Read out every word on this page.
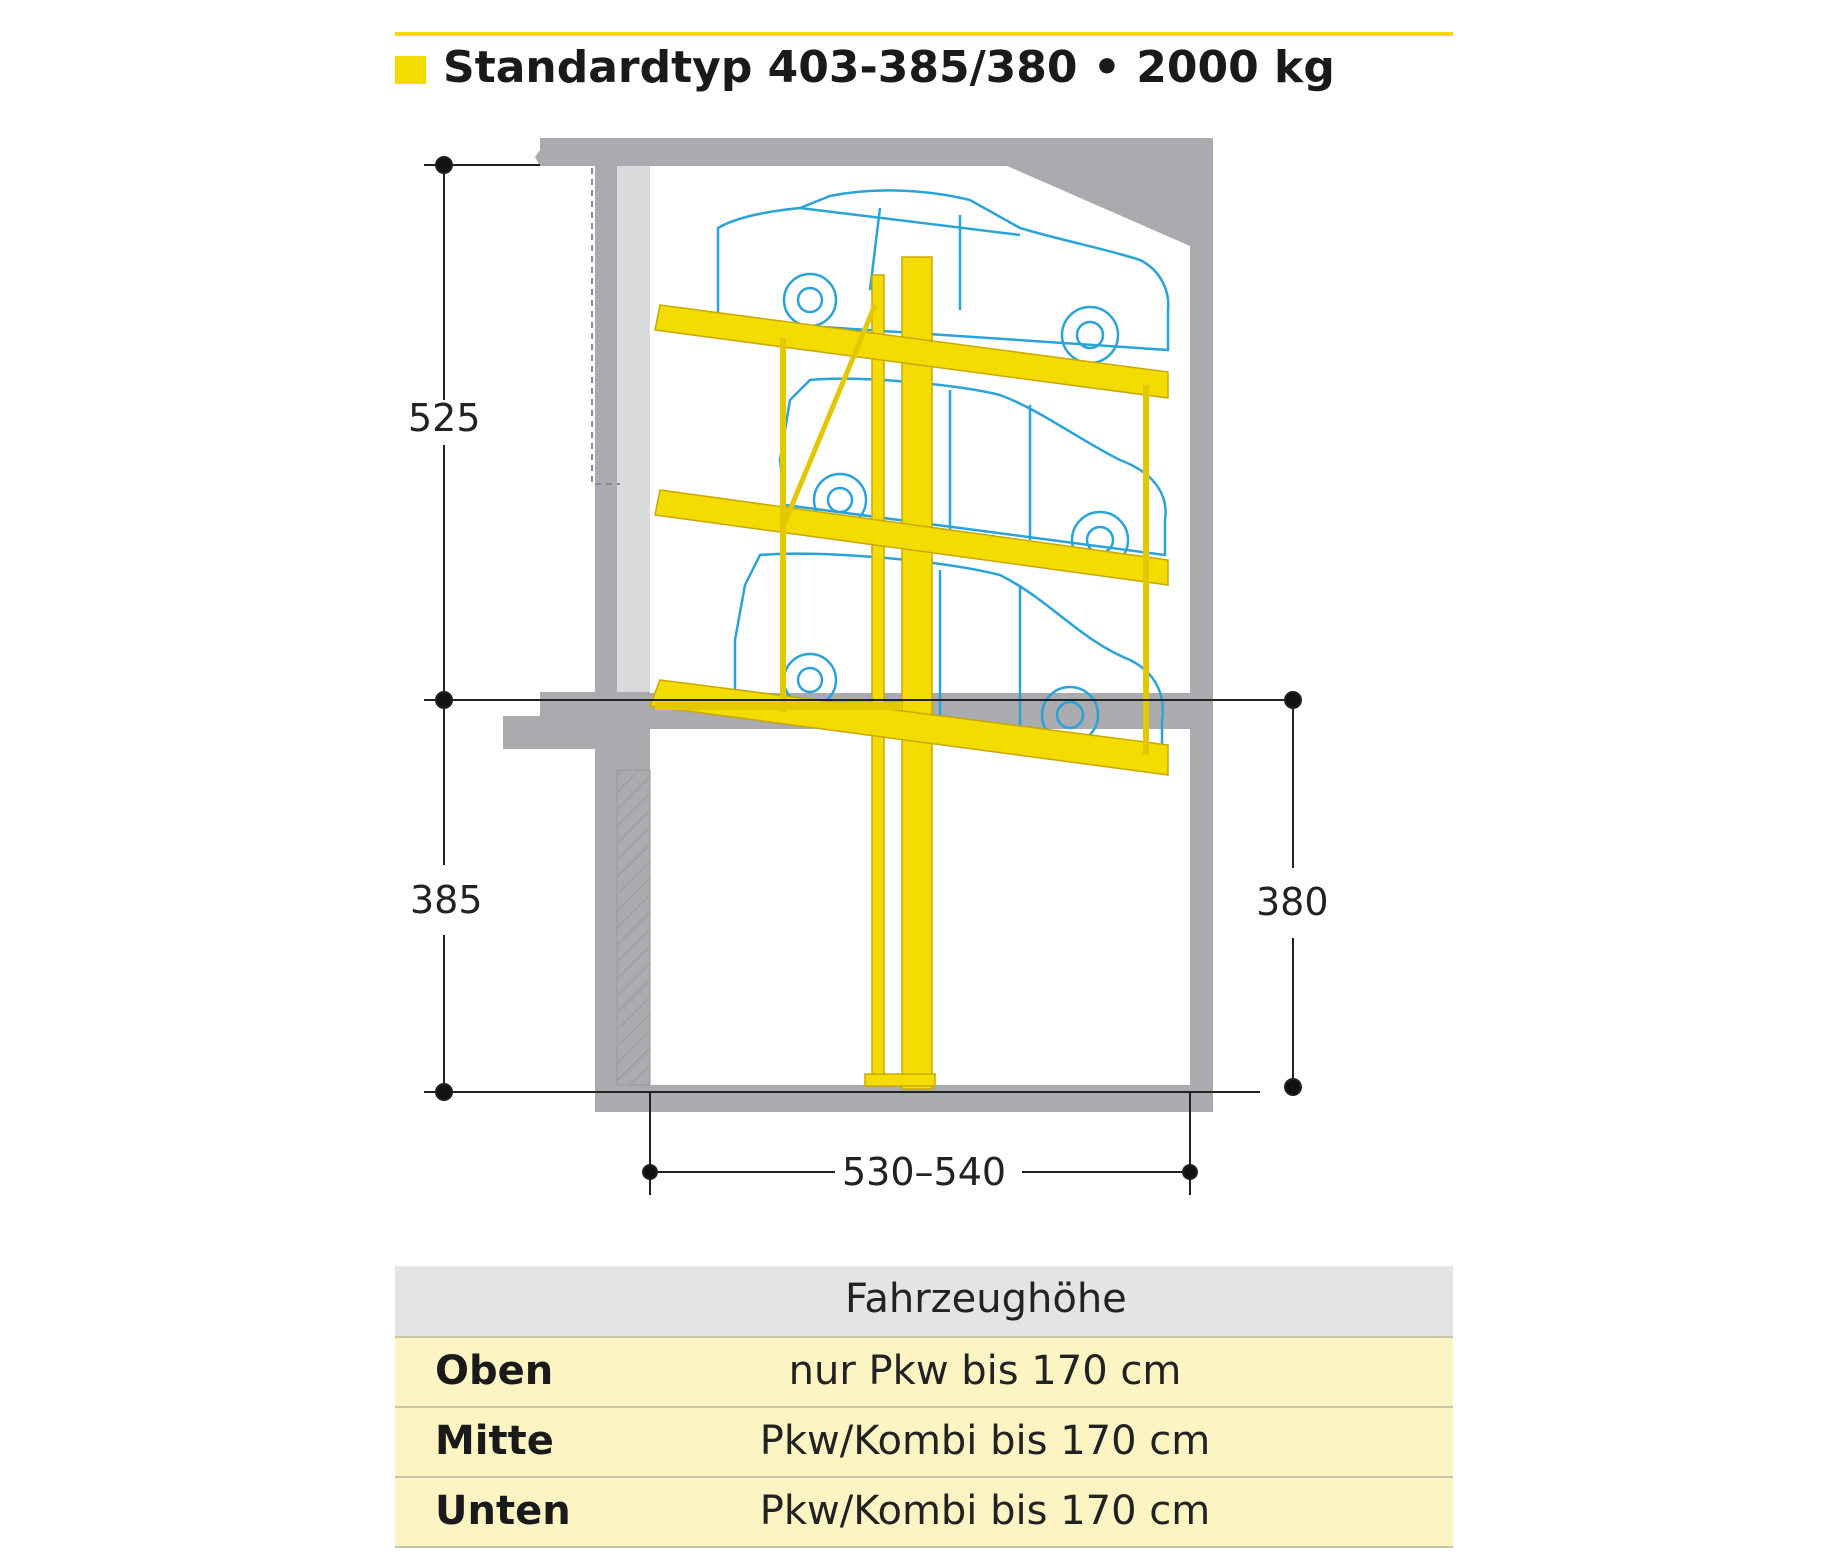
Standardtyp 403-385/380 • 2000 kg
525
385	380
530–540
Fahrzeughöhe
Oben	nur Pkw bis 170 cm
Mitte	Pkw/Kombi bis 170 cm
Unten	Pkw/Kombi bis 170 cm
